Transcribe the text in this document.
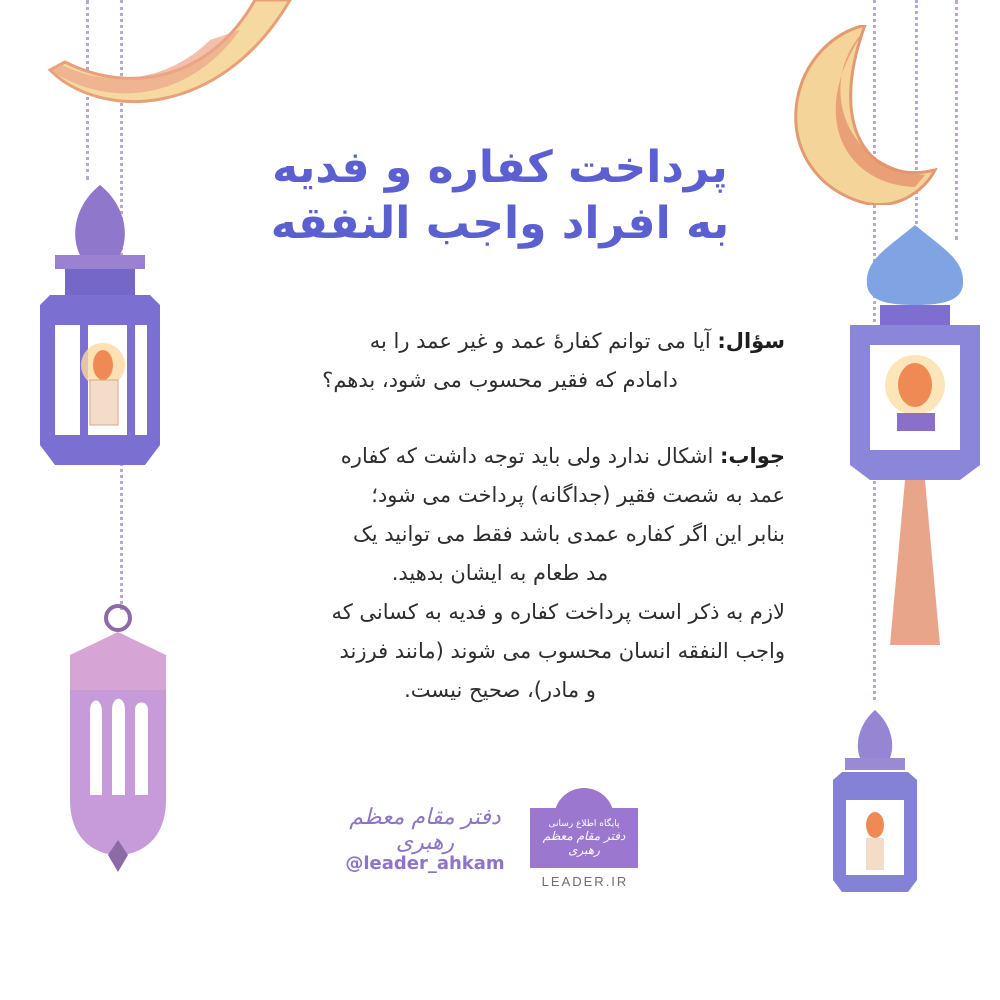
پرداخت کفاره و فدیه
به افراد واجب النفقه
سؤال: آیا می توانم کفارۀ عمد و غیر عمد را به
دامادم که فقیر محسوب می شود، بدهم؟
جواب: اشکال ندارد ولی باید توجه داشت که کفاره
عمد به شصت فقیر (جداگانه) پرداخت می شود؛
بنابر این اگر کفاره عمدی باشد فقط می توانید یک
مد طعام به ایشان بدهید.
لازم به ذکر است پرداخت کفاره و فدیه به کسانی که
واجب النفقه انسان محسوب می شوند (مانند فرزند
و مادر)، صحیح نیست.
دفتر مقام معظم رهبری
@leader_ahkam
پایگاه اطلاع رسانی
دفتر مقام معظم رهبری
LEADER.IR
